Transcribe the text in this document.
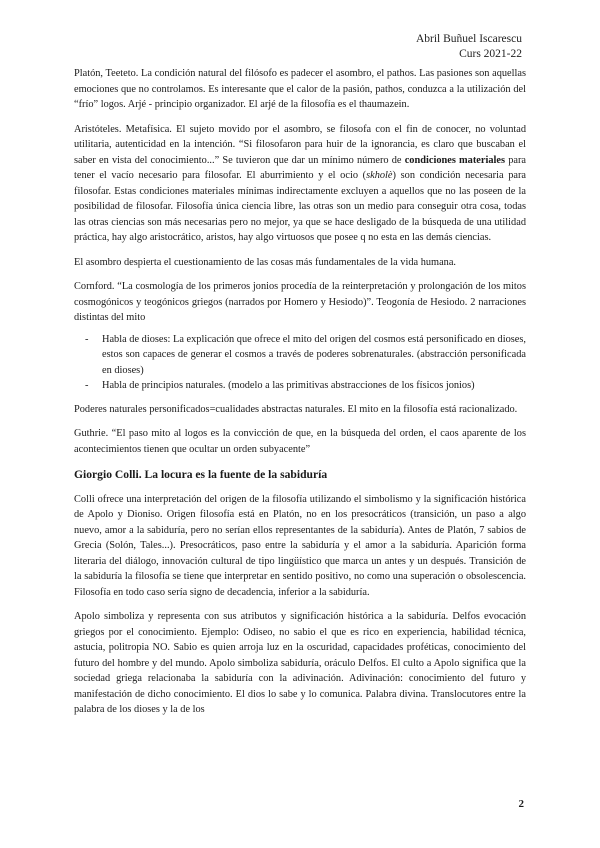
Abril Buñuel Iscarescu
Curs 2021-22

Platón, Teeteto. La condición natural del filósofo es padecer el asombro, el pathos. Las pasiones son aquellas emociones que no controlamos. Es interesante que el calor de la pasión, pathos, conduzca a la utilización del “frío” logos. Arjé - principio organizador. El arjé de la filosofía es el thaumazein.

Aristóteles. Metafísica. El sujeto movido por el asombro, se filosofa con el fin de conocer, no voluntad utilitaria, autenticidad en la intención. “Si filosofaron para huir de la ignorancia, es claro que buscaban el saber en vista del conocimiento...” Se tuvieron que dar un mínimo número de condiciones materiales para tener el vacío necesario para filosofar. El aburrimiento y el ocio (skholè) son condición necesaria para filosofar. Estas condiciones materiales mínimas indirectamente excluyen a aquellos que no las poseen de la posibilidad de filosofar. Filosofía única ciencia libre, las otras son un medio para conseguir otra cosa, todas las otras ciencias son más necesarias pero no mejor, ya que se hace desligado de la búsqueda de una utilidad práctica, hay algo aristocrático, aristos, hay algo virtuosos que posee q no esta en las demás ciencias.

El asombro despierta el cuestionamiento de las cosas más fundamentales de la vida humana.

Cornford. “La cosmología de los primeros jonios procedía de la reinterpretación y prolongación de los mitos cosmogónicos y teogónicos griegos (narrados por Homero y Hesiodo)”. Teogonía de Hesiodo. 2 narraciones distintas del mito

- Habla de dioses: La explicación que ofrece el mito del origen del cosmos está personificado en dioses, estos son capaces de generar el cosmos a través de poderes sobrenaturales. (abstracción personificada en dioses)
- Habla de principios naturales. (modelo a las primitivas abstracciones de los físicos jonios)

Poderes naturales personificados=cualidades abstractas naturales. El mito en la filosofía está racionalizado.

Guthrie. “El paso mito al logos es la convicción de que, en la búsqueda del orden, el caos aparente de los acontecimientos tienen que ocultar un orden subyacente”

Giorgio Colli. La locura es la fuente de la sabiduría

Colli ofrece una interpretación del origen de la filosofía utilizando el simbolismo y la significación histórica de Apolo y Dioniso. Origen filosofía está en Platón, no en los presocráticos (transición, un paso a algo nuevo, amor a la sabiduría, pero no serían ellos representantes de la sabiduría). Antes de Platón, 7 sabios de Grecia (Solón, Tales...). Presocráticos, paso entre la sabiduría y el amor a la sabiduría. Aparición forma literaria del diálogo, innovación cultural de tipo lingüístico que marca un antes y un después. Transición de la sabiduría la filosofía se tiene que interpretar en sentido positivo, no como una superación o obsolescencia. Filosofía en todo caso sería signo de decadencia, inferior a la sabiduría.

Apolo simboliza y representa con sus atributos y significación histórica a la sabiduría. Delfos evocación griegos por el conocimiento. Ejemplo: Odiseo, no sabio el que es rico en experiencia, habilidad técnica, astucia, politropia NO. Sabio es quien arroja luz en la oscuridad, capacidades proféticas, conocimiento del futuro del hombre y del mundo. Apolo simboliza sabiduría, oráculo Delfos. El culto a Apolo significa que la sociedad griega relacionaba la sabiduría con la adivinación. Adivinación: conocimiento del futuro y manifestación de dicho conocimiento. El dios lo sabe y lo comunica. Palabra divina. Translocutores entre la palabra de los dioses y la de los

2
